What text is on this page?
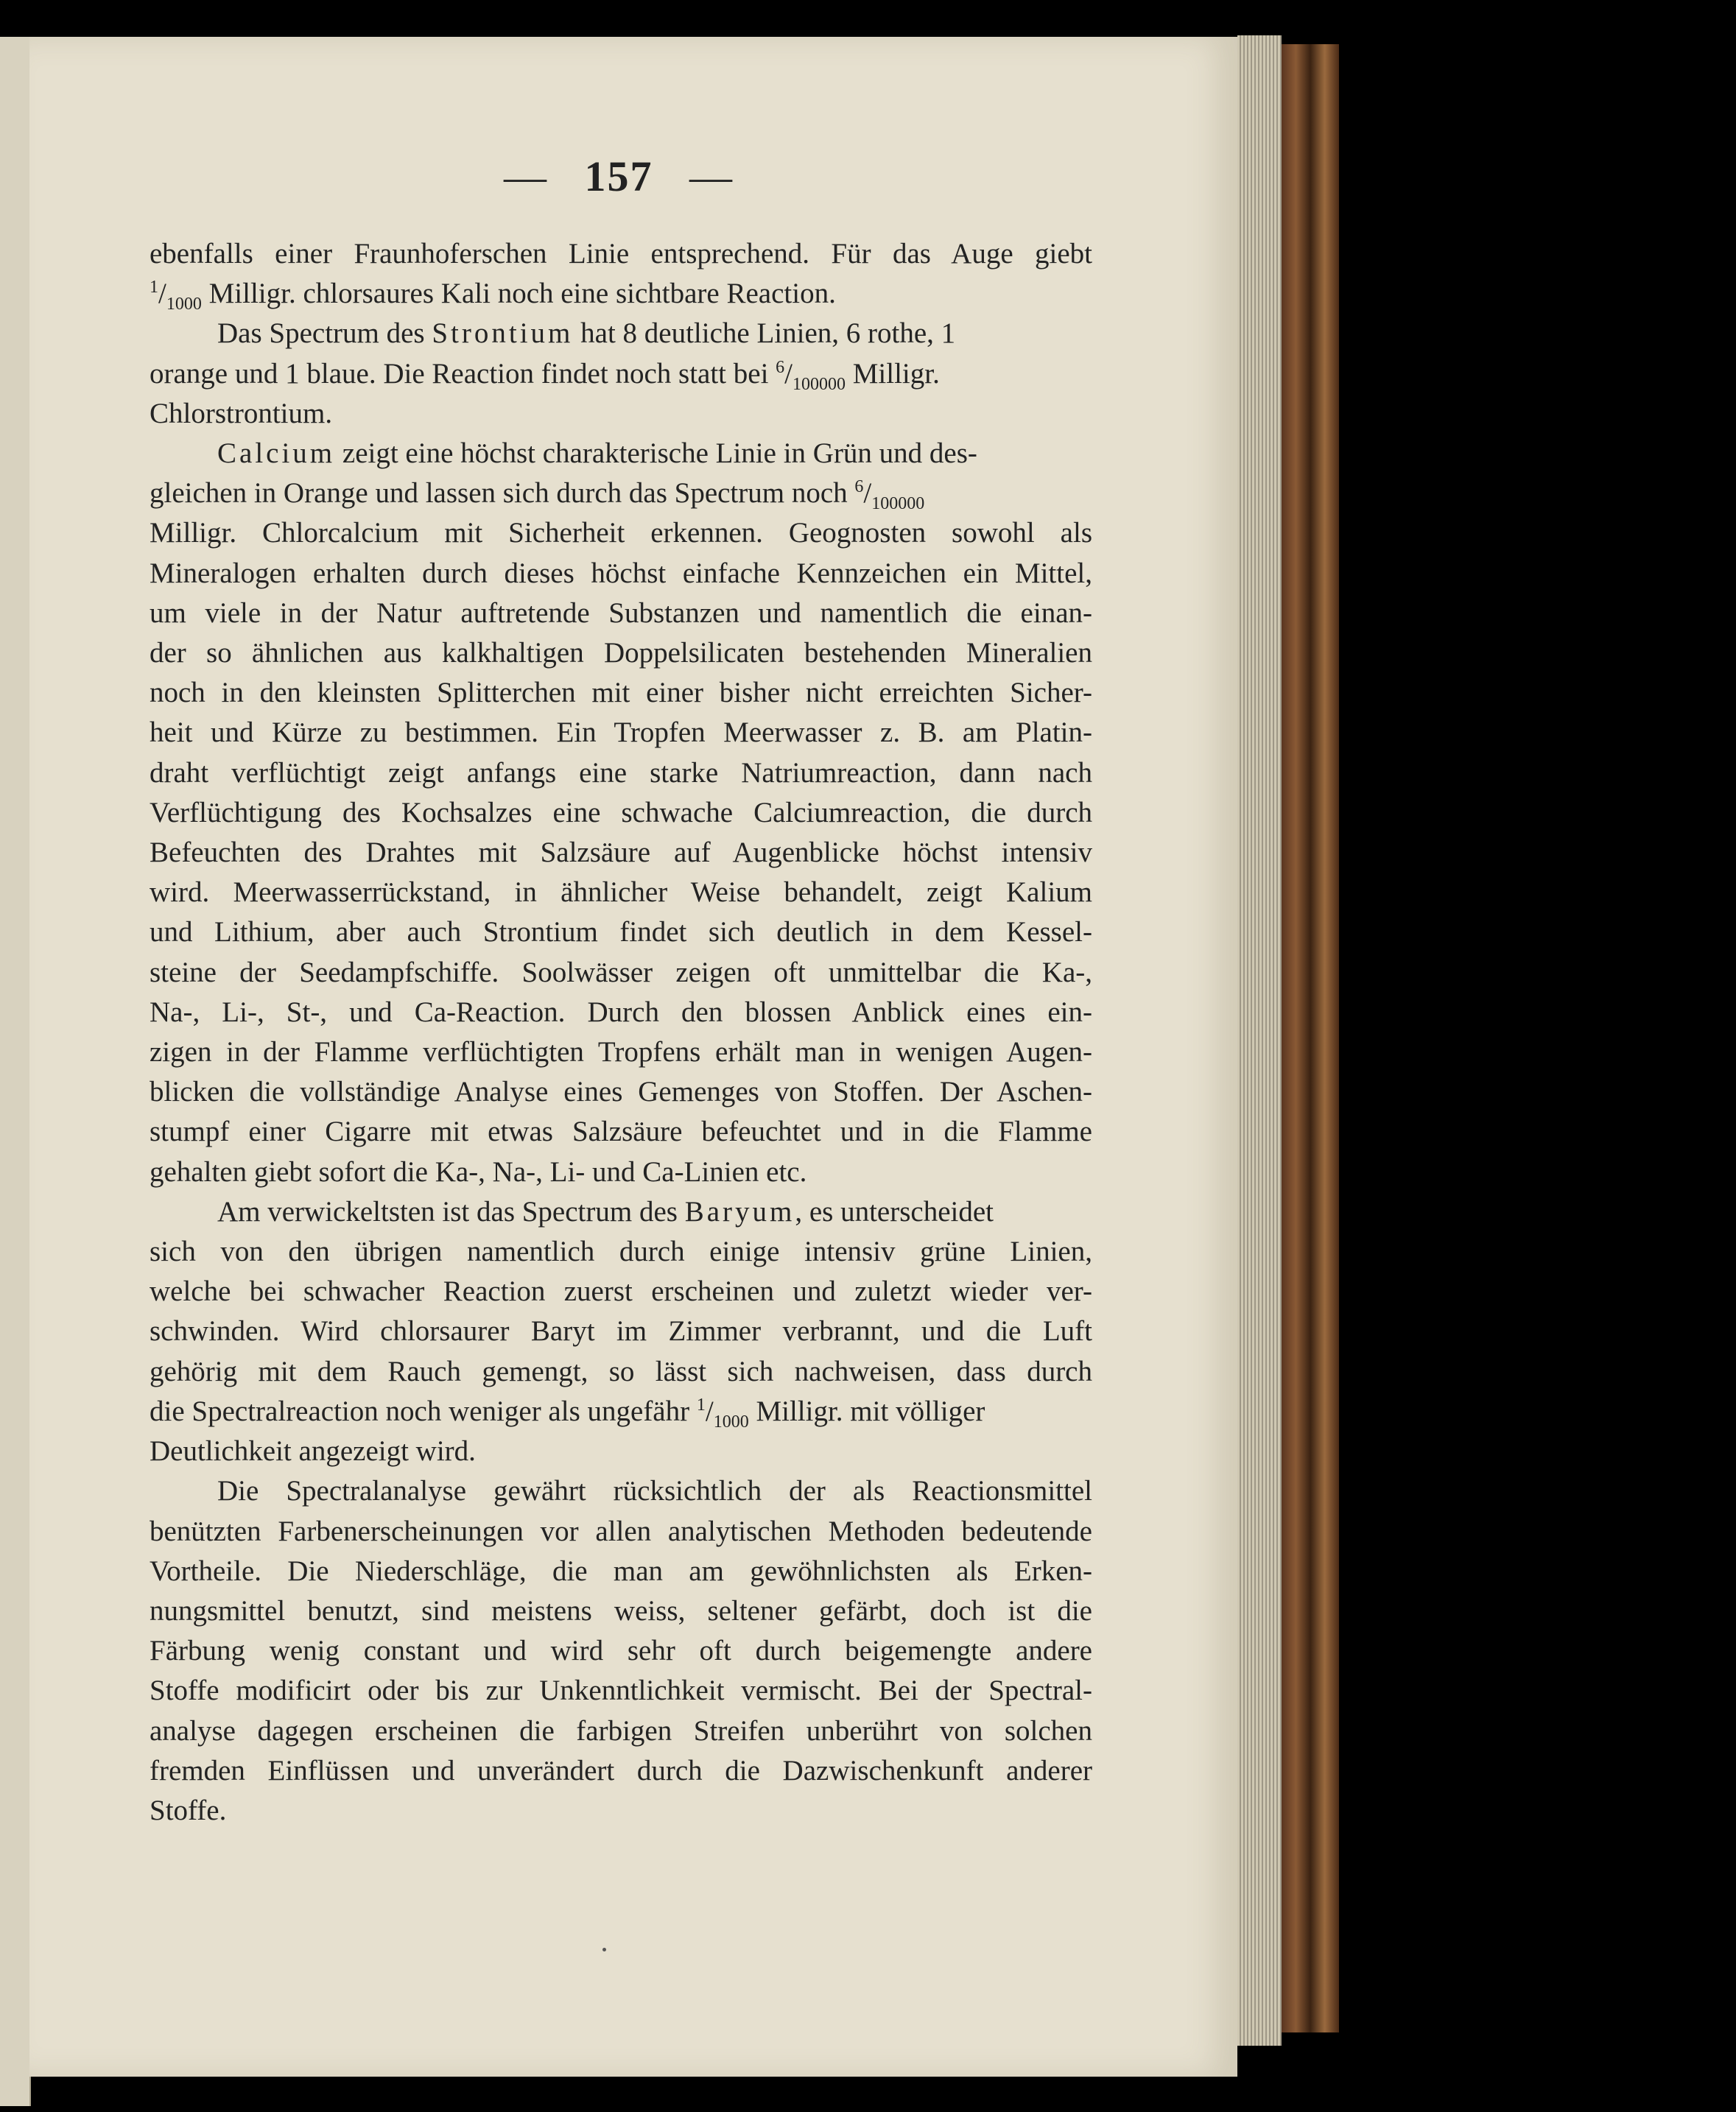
— 157 —
ebenfalls einer Fraunhoferschen Linie entsprechend. Für das Auge giebt
$^1/_{1000}$ Milligr. chlorsaures Kali noch eine sichtbare Reaction.
Das Spectrum des Strontium hat 8 deutliche Linien, 6 rothe, 1
orange und 1 blaue. Die Reaction findet noch statt bei $^6/_{100000}$ Milligr.
Chlorstrontium.
Calcium zeigt eine höchst charakterische Linie in Grün und des-
gleichen in Orange und lassen sich durch das Spectrum noch $^6/_{100000}$
Milligr. Chlorcalcium mit Sicherheit erkennen. Geognosten sowohl als
Mineralogen erhalten durch dieses höchst einfache Kennzeichen ein Mittel,
um viele in der Natur auftretende Substanzen und namentlich die einan-
der so ähnlichen aus kalkhaltigen Doppelsilicaten bestehenden Mineralien
noch in den kleinsten Splitterchen mit einer bisher nicht erreichten Sicher-
heit und Kürze zu bestimmen. Ein Tropfen Meerwasser z. B. am Platin-
draht verflüchtigt zeigt anfangs eine starke Natriumreaction, dann nach
Verflüchtigung des Kochsalzes eine schwache Calciumreaction, die durch
Befeuchten des Drahtes mit Salzsäure auf Augenblicke höchst intensiv
wird. Meerwasserrückstand, in ähnlicher Weise behandelt, zeigt Kalium
und Lithium, aber auch Strontium findet sich deutlich in dem Kessel-
steine der Seedampfschiffe. Soolwässer zeigen oft unmittelbar die Ka-,
Na-, Li-, St-, und Ca-Reaction. Durch den blossen Anblick eines ein-
zigen in der Flamme verflüchtigten Tropfens erhält man in wenigen Augen-
blicken die vollständige Analyse eines Gemenges von Stoffen. Der Aschen-
stumpf einer Cigarre mit etwas Salzsäure befeuchtet und in die Flamme
gehalten giebt sofort die Ka-, Na-, Li- und Ca-Linien etc.
Am verwickeltsten ist das Spectrum des Baryum, es unterscheidet
sich von den übrigen namentlich durch einige intensiv grüne Linien,
welche bei schwacher Reaction zuerst erscheinen und zuletzt wieder ver-
schwinden. Wird chlorsaurer Baryt im Zimmer verbrannt, und die Luft
gehörig mit dem Rauch gemengt, so lässt sich nachweisen, dass durch
die Spectralreaction noch weniger als ungefähr $^1/_{1000}$ Milligr. mit völliger
Deutlichkeit angezeigt wird.
Die Spectralanalyse gewährt rücksichtlich der als Reactionsmittel
benützten Farbenerscheinungen vor allen analytischen Methoden bedeutende
Vortheile. Die Niederschläge, die man am gewöhnlichsten als Erken-
nungsmittel benutzt, sind meistens weiss, seltener gefärbt, doch ist die
Färbung wenig constant und wird sehr oft durch beigemengte andere
Stoffe modificirt oder bis zur Unkenntlichkeit vermischt. Bei der Spectral-
analyse dagegen erscheinen die farbigen Streifen unberührt von solchen
fremden Einflüssen und unverändert durch die Dazwischenkunft anderer
Stoffe.
